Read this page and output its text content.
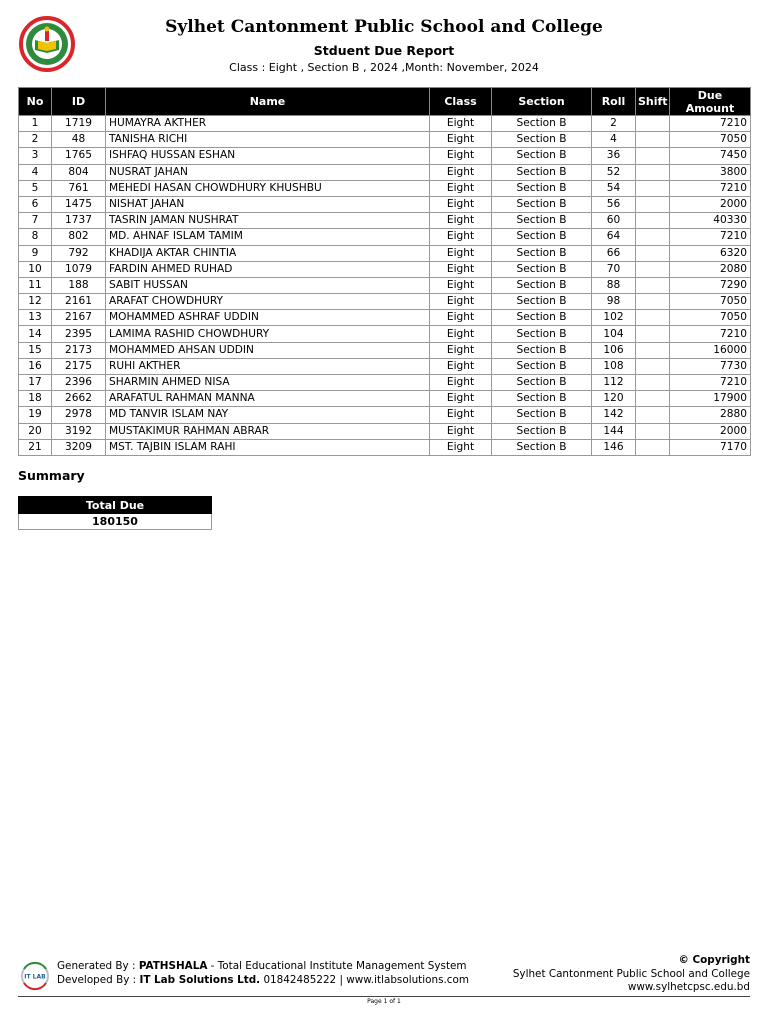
Sylhet Cantonment Public School and College
Stduent Due Report
Class : Eight , Section B , 2024 ,Month: November, 2024
No	ID	Name	Class	Section	Roll	Shift	Due Amount
1	1719	HUMAYRA AKTHER	Eight	Section B	2		7210
2	48	TANISHA RICHI	Eight	Section B	4		7050
3	1765	ISHFAQ HUSSAN ESHAN	Eight	Section B	36		7450
4	804	NUSRAT JAHAN	Eight	Section B	52		3800
5	761	MEHEDI HASAN CHOWDHURY KHUSHBU	Eight	Section B	54		7210
6	1475	NISHAT JAHAN	Eight	Section B	56		2000
7	1737	TASRIN JAMAN NUSHRAT	Eight	Section B	60		40330
8	802	MD. AHNAF ISLAM TAMIM	Eight	Section B	64		7210
9	792	KHADIJA AKTAR CHINTIA	Eight	Section B	66		6320
10	1079	FARDIN AHMED RUHAD	Eight	Section B	70		2080
11	188	SABIT HUSSAN	Eight	Section B	88		7290
12	2161	ARAFAT CHOWDHURY	Eight	Section B	98		7050
13	2167	MOHAMMED ASHRAF UDDIN	Eight	Section B	102		7050
14	2395	LAMIMA RASHID CHOWDHURY	Eight	Section B	104		7210
15	2173	MOHAMMED AHSAN UDDIN	Eight	Section B	106		16000
16	2175	RUHI AKTHER	Eight	Section B	108		7730
17	2396	SHARMIN AHMED NISA	Eight	Section B	112		7210
18	2662	ARAFATUL RAHMAN MANNA	Eight	Section B	120		17900
19	2978	MD TANVIR ISLAM NAY	Eight	Section B	142		2880
20	3192	MUSTAKIMUR RAHMAN ABRAR	Eight	Section B	144		2000
21	3209	MST. TAJBIN ISLAM RAHI	Eight	Section B	146		7170
Summary
Total Due
180150
IT LAB
Generated By : PATHSHALA - Total Educational Institute Management System
Developed By : IT Lab Solutions Ltd. 01842485222 | www.itlabsolutions.com
© Copyright
Sylhet Cantonment Public School and College
www.sylhetcpsc.edu.bd
Page 1 of 1
